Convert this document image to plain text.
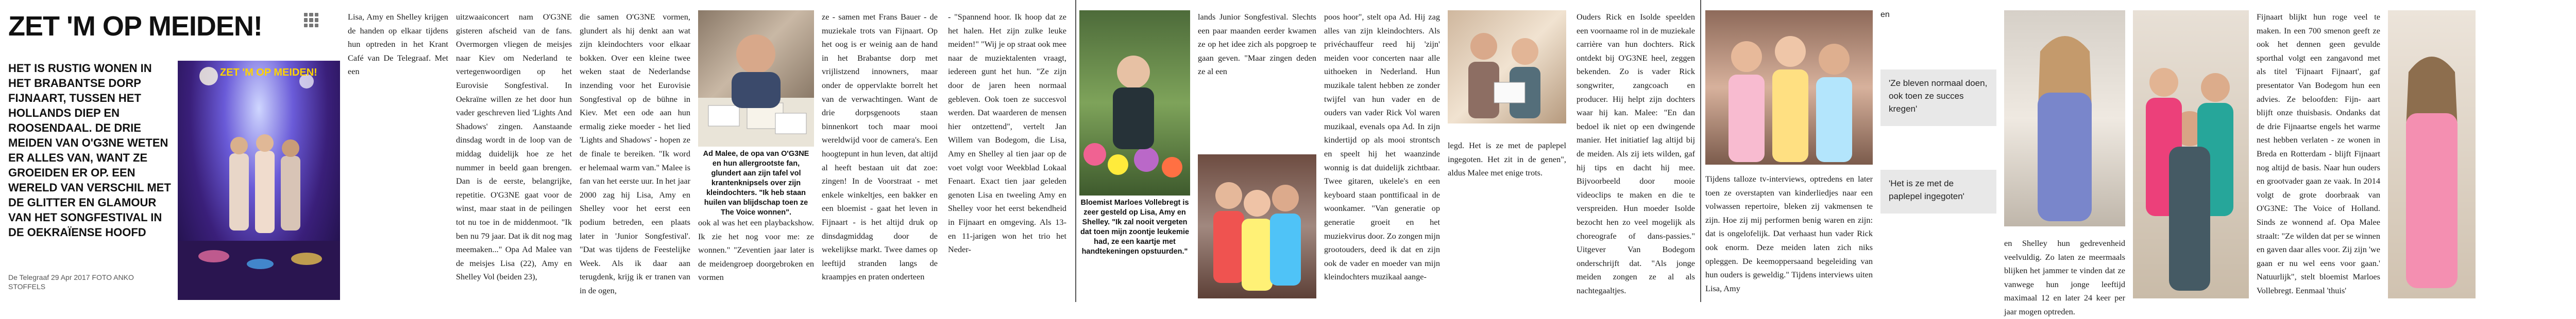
ZET 'M OP MEIDEN!
HET IS RUSTIG WONEN IN HET BRABANTSE DORP FIJNAART, TUSSEN HET HOLLANDS DIEP EN ROOSENDAAL. DE DRIE MEIDEN VAN O'G3NE WETEN ER ALLES VAN, WANT ZE GROEIDEN ER OP. EEN WERELD VAN VERSCHIL MET DE GLITTER EN GLAMOUR VAN HET SONGFESTIVAL IN DE OEKRAÏENSE HOOFD
ZET 'M OP MEIDEN!
De Telegraaf 29 Apr 2017 FOTO ANKO STOFFELS
Lisa, Amy en Shelley krijgen de handen op elkaar tijdens hun optreden in het Krant Café van De Telegraaf. Met een
uitzwaaiconcert nam O'G3NE gisteren afscheid van de fans. Overmorgen vliegen de meisjes naar Kiev om Nederland te vertegenwoordigen op het Eurovisie Songfestival. In Oekraïne willen ze het door hun vader geschreven lied 'Lights And Shadows' zingen. Aanstaande dinsdag wordt in de loop van de middag duidelijk hoe ze het nummer in beeld gaan brengen. Dan is de eerste, belangrijke, repetitie. O'G3NE gaat voor de winst, maar staat in de peilingen tot nu toe in de middenmoot. "Ik ben nu 79 jaar. Dat ik dit nog mag meemaken..." Opa Ad Malee van de meisjes Lisa (22), Amy en Shelley Vol (beiden 23),
die samen O'G3NE vormen, glundert als hij denkt aan wat zijn kleindochters voor elkaar bokken. Over een kleine twee weken staat de Nederlandse inzending voor het Eurovisie Songfestival op de bühne in Kiev. Met een ode aan hun ermalig zieke moeder - het lied 'Lights and Shadows' - hopen ze de finale te bereiken. "Ik word er helemaal warm van." Malee is fan van het eerste uur. In het jaar 2000 zag hij Lisa, Amy en Shelley voor het eerst een podium betreden, een plaats later in 'Junior Songfestival'. "Dat was tijdens de Feestelijke Week. Als ik daar aan terugdenk, krijg ik er tranen van in de ogen,
ze - samen met Frans Bauer - de muziekale trots van Fijnaart. Op het oog is er weinig aan de hand in het Brabantse dorp met vrijlistzend innowners, maar onder de oppervlakte borrelt het van de verwachtingen. Want de drie dorpsgenoots staan binnenkort toch maar mooi wereldwijd voor de camera's. Een hoogtepunt in hun leven, dat altijd al heeft bestaan uit dat zoe: zingen! In de Voorstraat - met enkele winkeltjes, een bakker en een bloemist - gaat het leven in Fijnaart - is het altijd druk op dinsdagmiddag door de wekelijkse markt. Twee dames op leeftijd stranden langs de kraampjes en praten onderteen
Ad Malee, de opa van O'G3NE en hun allergrootste fan, glundert aan zijn tafel vol krantenknipsels over zijn kleindochters. "Ik heb staan huilen van blijdschap toen ze The Voice wonnen".
ook al was het een playbackshow. Ik zie het nog voor me: ze wonnen." "Zeventien jaar later is de meidengroep doorgebroken en vormen
- "Spannend hoor. Ik hoop dat ze het halen. Het zijn zulke leuke meiden!" "Wij je op straat ook mee naar de muziektalenten vraagt, iedereen gunt het hun. "Ze zijn door de jaren heen normaal gebleven. Ook toen ze succesvol werden. Dat waarderen de mensen hier ontzettend", vertelt Jan Willem van Bodegom, die Lisa, Amy en Shelley al tien jaar op de voet volgt voor Weekblad Lokaal Fenaart. Exact tien jaar geleden genoten Lisa en tweeling Amy en Shelley voor het eerst bekendheid in Fijnaart en omgeving. Als 13- en 11-jarigen won het trio het Neder-
Bloemist Marloes Vollebregt is zeer gesteld op Lisa, Amy en Shelley. "Ik zal nooit vergeten dat toen mijn zoontje leukemie had, ze een kaartje met handtekeningen opstuurden."
lands Junior Songfestival. Slechts een paar maanden eerder kwamen ze op het idee zich als popgroep te gaan geven. "Maar zingen deden ze al een
poos hoor", stelt opa Ad. Hij zag alles van zijn kleindochters. Als privéchauffeur reed hij 'zijn' meiden voor concerten naar alle uithoeken in Nederland. Hun muzikale talent hebben ze zonder twijfel van hun vader en de ouders van vader Rick Vol waren muzikaal, evenals opa Ad. In zijn kindertijd op als mooi strontsch en speelt hij het waanzinde wonnig is dat duidelijk zichtbaar. Twee gitaren, ukelele's en een keyboard staan ponttificaal in de woonkamer. "Van generatie op generatie groeit en het muziekvirus door. Zo zongen mijn grootouders, deed ik dat en zijn ook de vader en moeder van mijn kleindochters muzikaal aange-
Ouders Rick en Isolde speelden een voornaame rol in de muziekale carrière van hun dochters. Rick ontdekt bij O'G3NE heel, zeggen bekenden. Zo is vader Rick songwriter, zangcoach en producer. Hij helpt zijn dochters waar hij kan. Malee: "En dan bedoel ik niet op een dwingende manier. Het initiatief lag altijd bij de meiden. Als zij iets wilden, gaf hij tips en dacht hij mee. Bijvoorbeeld door mooie videoclips te maken en die te verspreiden. Hun moeder Isolde bezocht hen zo veel mogelijk als choreografe of dans-passies." Uitgever Van Bodegom onderschrijft dat. "Als jonge meiden zongen ze al als nachtegaaltjes.
legd. Het is ze met de paplepel ingegoten. Het zit in de genen", aldus Malee met enige trots.
Tijdens talloze tv-interviews, optredens en later toen ze overstapten van kinderliedjes naar een volwassen repertoire, bleken zij vakmensen te zijn. Hoe zij mij performen benig waren en zijn: dat is ongelofelijk. Dat verhaast hun vader Rick ook enorm. Deze meiden laten zich niks opleggen. De keemoppersaand begeleiding van hun ouders is geweldig." Tijdens interviews uiten Lisa, Amy
en
'Ze bleven normaal doen, ook toen ze succes kregen'
'Het is ze met de paplepel ingegoten'
en Shelley hun gedrevenheid veelvuldig. Zo laten ze meermaals blijken het jammer te vinden dat ze vanwege hun jonge leeftijd maximaal 12 en later 24 keer per jaar mogen optreden.
Fijnaart blijkt hun roge veel te maken. In een 700 smenon geeft ze ook het dennen geen gevulde sporthal volgt een zangavond met als titel 'Fijnaart Fijnaart', gaf presentator Van Bodegom hun een advies. Ze beloofden: Fijn- aart blijft onze thuisbasis. Ondanks dat de drie Fijnaartse engels het warme nest hebben verlaten - ze wonen in Breda en Rotterdam - blijft Fijnaart nog altijd de basis. Naar hun ouders en grootvader gaan ze vaak. In 2014 volgt de grote doorbraak van O'G3NE: The Voice of Holland. Sinds ze wonnend af. Opa Malee straalt: "Ze wilden dat per se winnen en gaven daar alles voor. Zij zijn 'we gaan er nu wel eens voor gaan.' Natuurlijk", stelt bloemist Marloes Vollebregt. Eenmaal 'thuis'
